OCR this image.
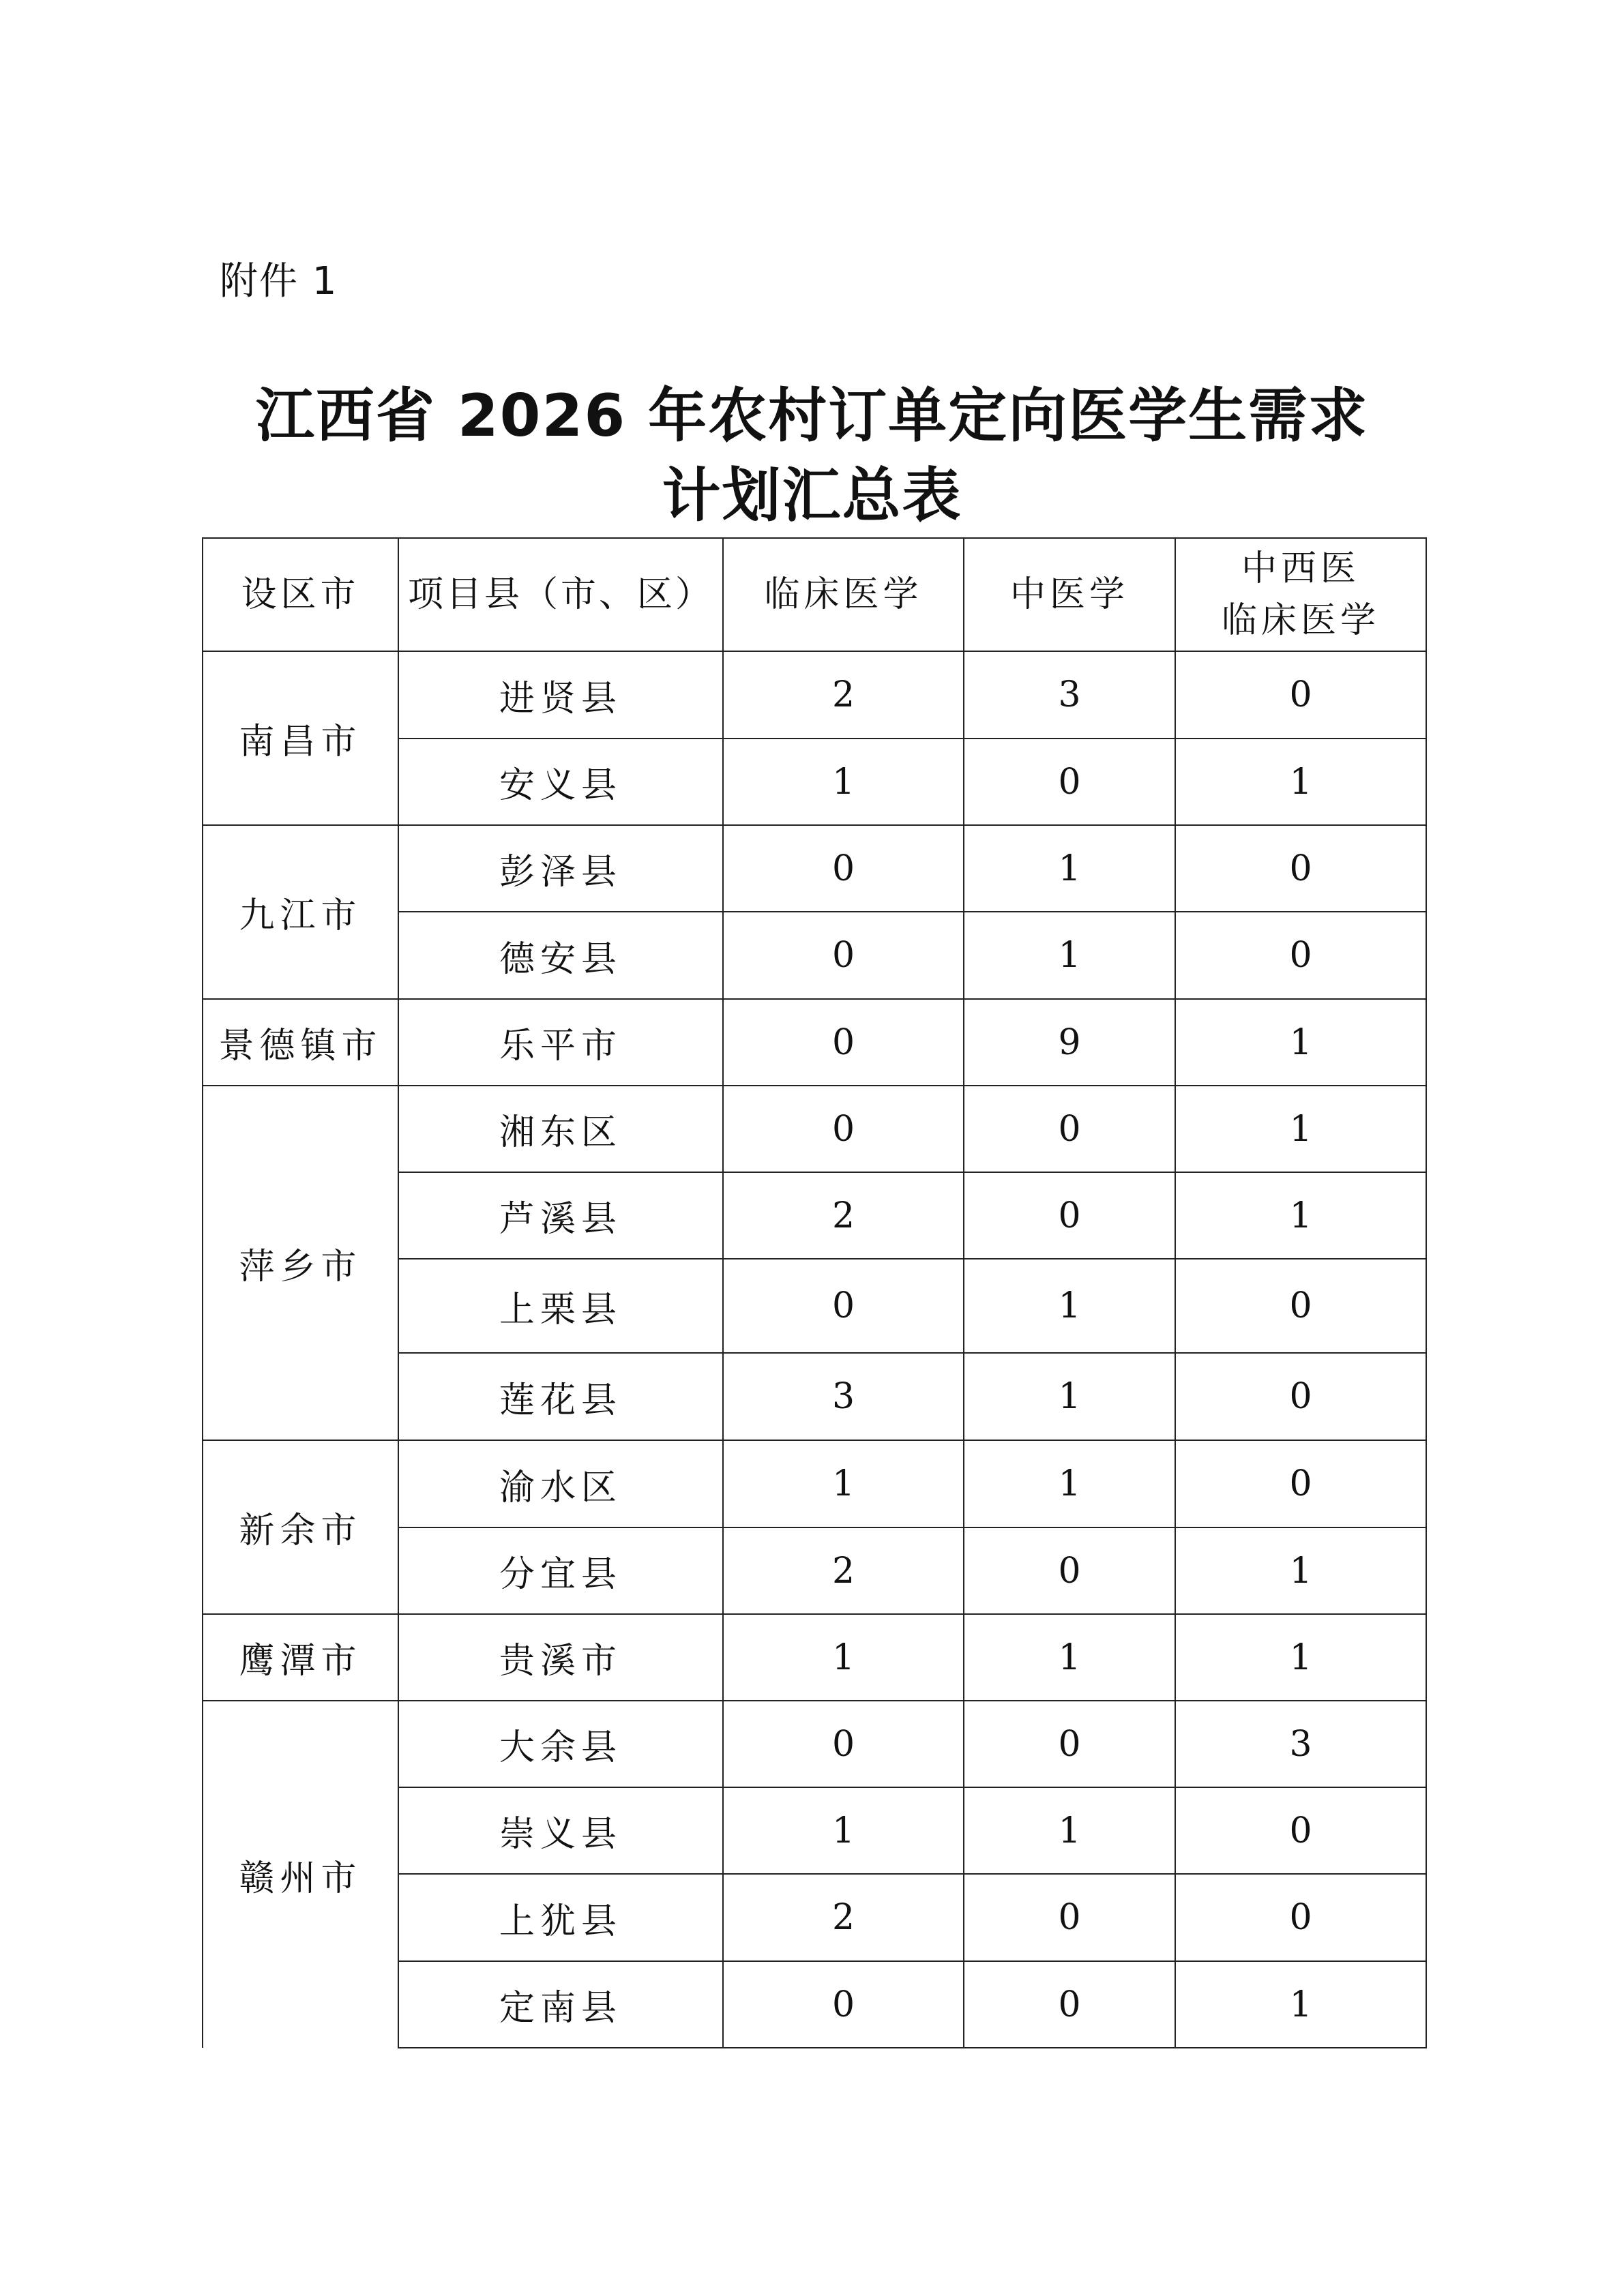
附件 1
江西省 2026 年农村订单定向医学生需求
计划汇总表
设区市	项目县（市、区）	临床医学	中医学	中西医
临床医学

南昌市	进贤县	2	3	0
	安义县	1	0	1
九江市	彭泽县	0	1	0
	德安县	0	1	0
景德镇市	乐平市	0	9	1
萍乡市	湘东区	0	0	1
	芦溪县	2	0	1
	上栗县	0	1	0
	莲花县	3	1	0
新余市	渝水区	1	1	0
	分宜县	2	0	1
鹰潭市	贵溪市	1	1	1
赣州市	大余县	0	0	3
	崇义县	1	1	0
	上犹县	2	0	0
	定南县	0	0	1
